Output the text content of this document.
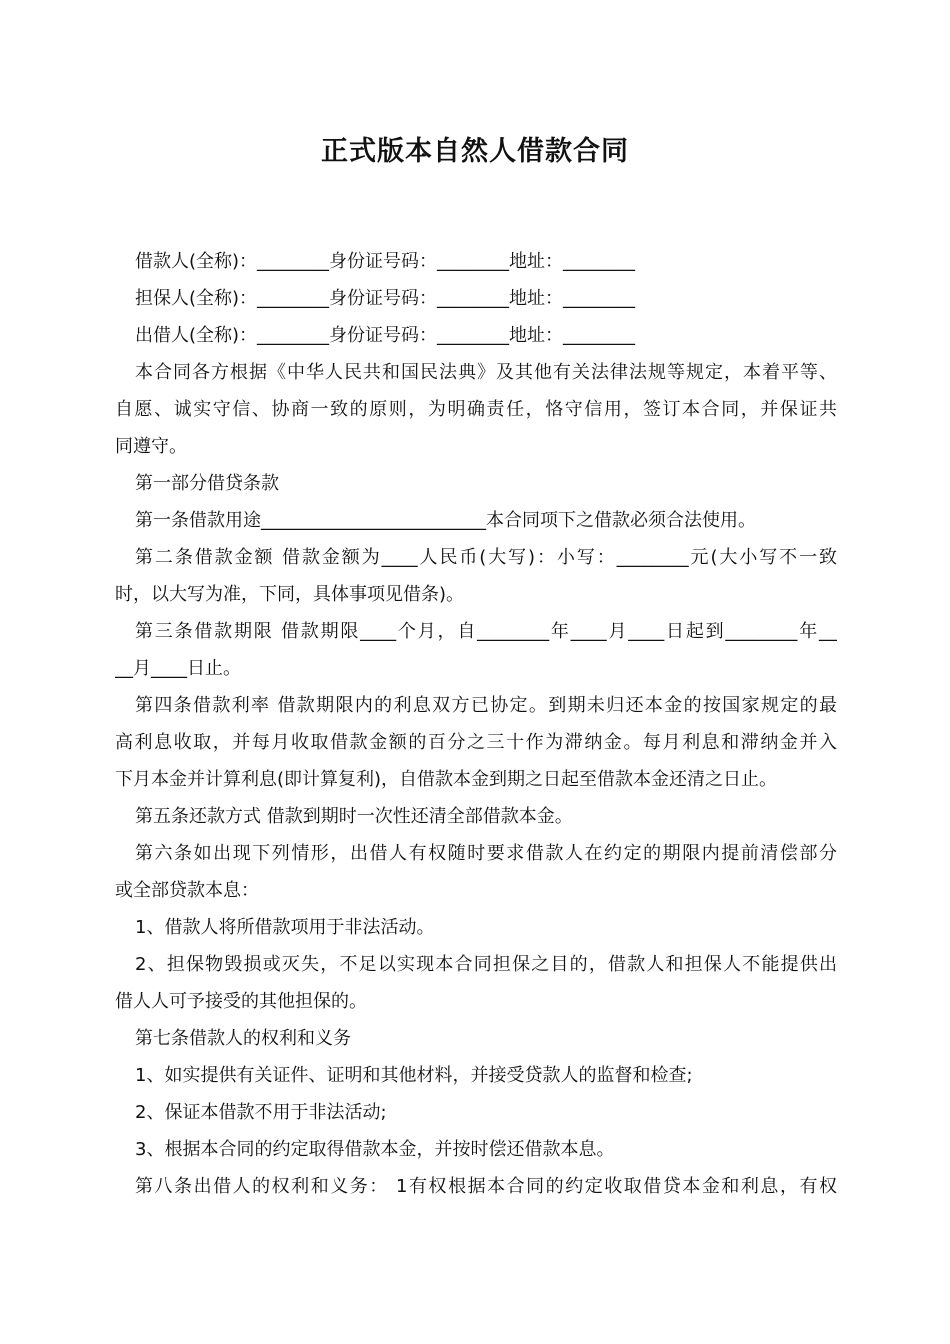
正式版本自然人借款合同

借款人(全称)：________身份证号码：________地址：________

担保人(全称)：________身份证号码：________地址：________

出借人(全称)：________身份证号码：________地址：________

本合同各方根据《中华人民共和国民法典》及其他有关法律法规等规定，本着平等、

自愿、诚实守信、协商一致的原则，为明确责任，恪守信用，签订本合同，并保证共

同遵守。

第一部分借贷条款

第一条借款用途_________________________本合同项下之借款必须合法使用。

第二条借款金额 借款金额为____人民币(大写)：小写：________元(大小写不一致

时，以大写为准，下同，具体事项见借条)。

第三条借款期限 借款期限____个月，自________年____月____日起到________年__

__月____日止。

第四条借款利率 借款期限内的利息双方已协定。到期未归还本金的按国家规定的最

高利息收取，并每月收取借款金额的百分之三十作为滞纳金。每月利息和滞纳金并入

下月本金并计算利息(即计算复利)，自借款本金到期之日起至借款本金还清之日止。

第五条还款方式 借款到期时一次性还清全部借款本金。

第六条如出现下列情形，出借人有权随时要求借款人在约定的期限内提前清偿部分

或全部贷款本息：

1、借款人将所借款项用于非法活动。

2、担保物毁损或灭失，不足以实现本合同担保之目的，借款人和担保人不能提供出

借人人可予接受的其他担保的。

第七条借款人的权利和义务

1、如实提供有关证件、证明和其他材料，并接受贷款人的监督和检查;

2、保证本借款不用于非法活动;

3、根据本合同的约定取得借款本金，并按时偿还借款本息。

第八条出借人的权利和义务： 1有权根据本合同的约定收取借贷本金和利息，有权
